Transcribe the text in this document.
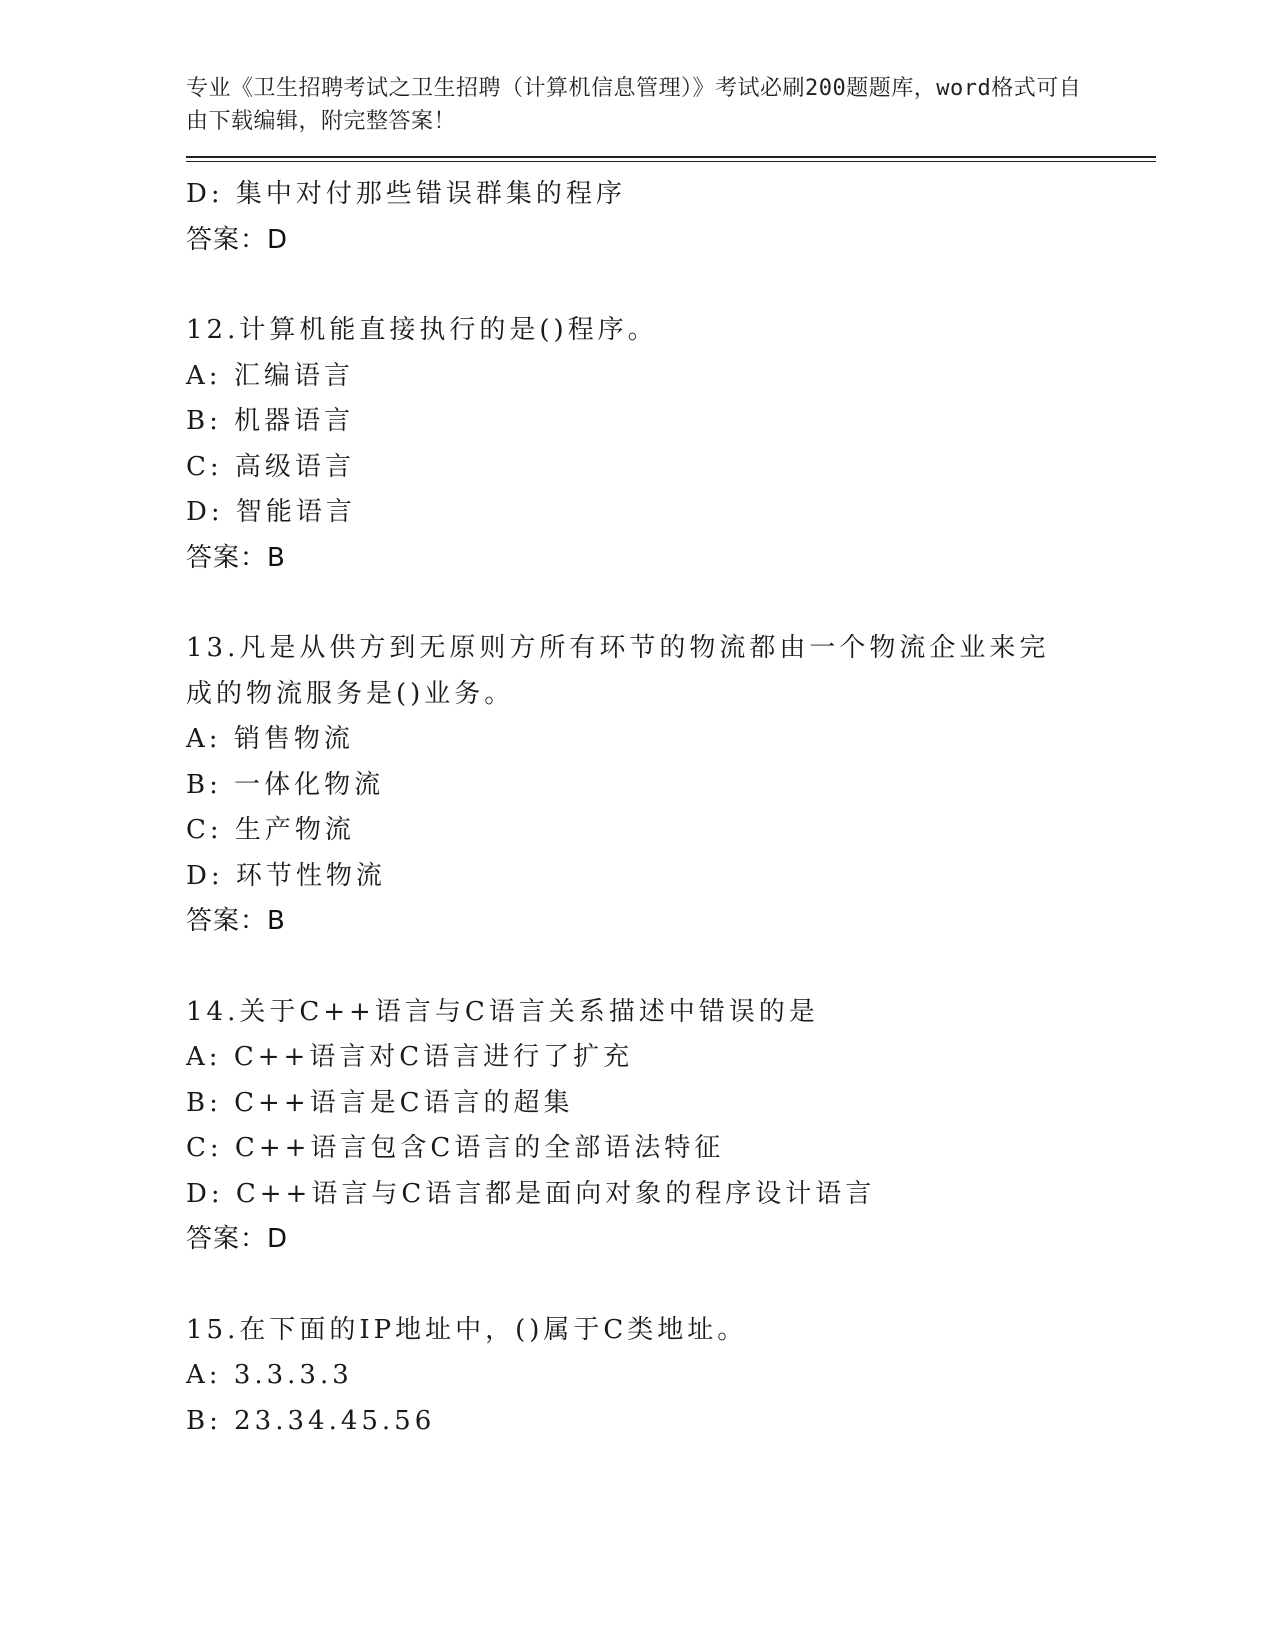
专业《卫生招聘考试之卫生招聘（计算机信息管理）》考试必刷200题题库，word格式可自由下载编辑，附完整答案！
D: 集中对付那些错误群集的程序
答案：D
12.计算机能直接执行的是()程序。
A: 汇编语言
B: 机器语言
C: 高级语言
D: 智能语言
答案：B
13.凡是从供方到无原则方所有环节的物流都由一个物流企业来完成的物流服务是()业务。
A: 销售物流
B: 一体化物流
C: 生产物流
D: 环节性物流
答案：B
14.关于C++语言与C语言关系描述中错误的是
A: C++语言对C语言进行了扩充
B: C++语言是C语言的超集
C: C++语言包含C语言的全部语法特征
D: C++语言与C语言都是面向对象的程序设计语言
答案：D
15.在下面的IP地址中，()属于C类地址。
A: 3.3.3.3
B: 23.34.45.56
